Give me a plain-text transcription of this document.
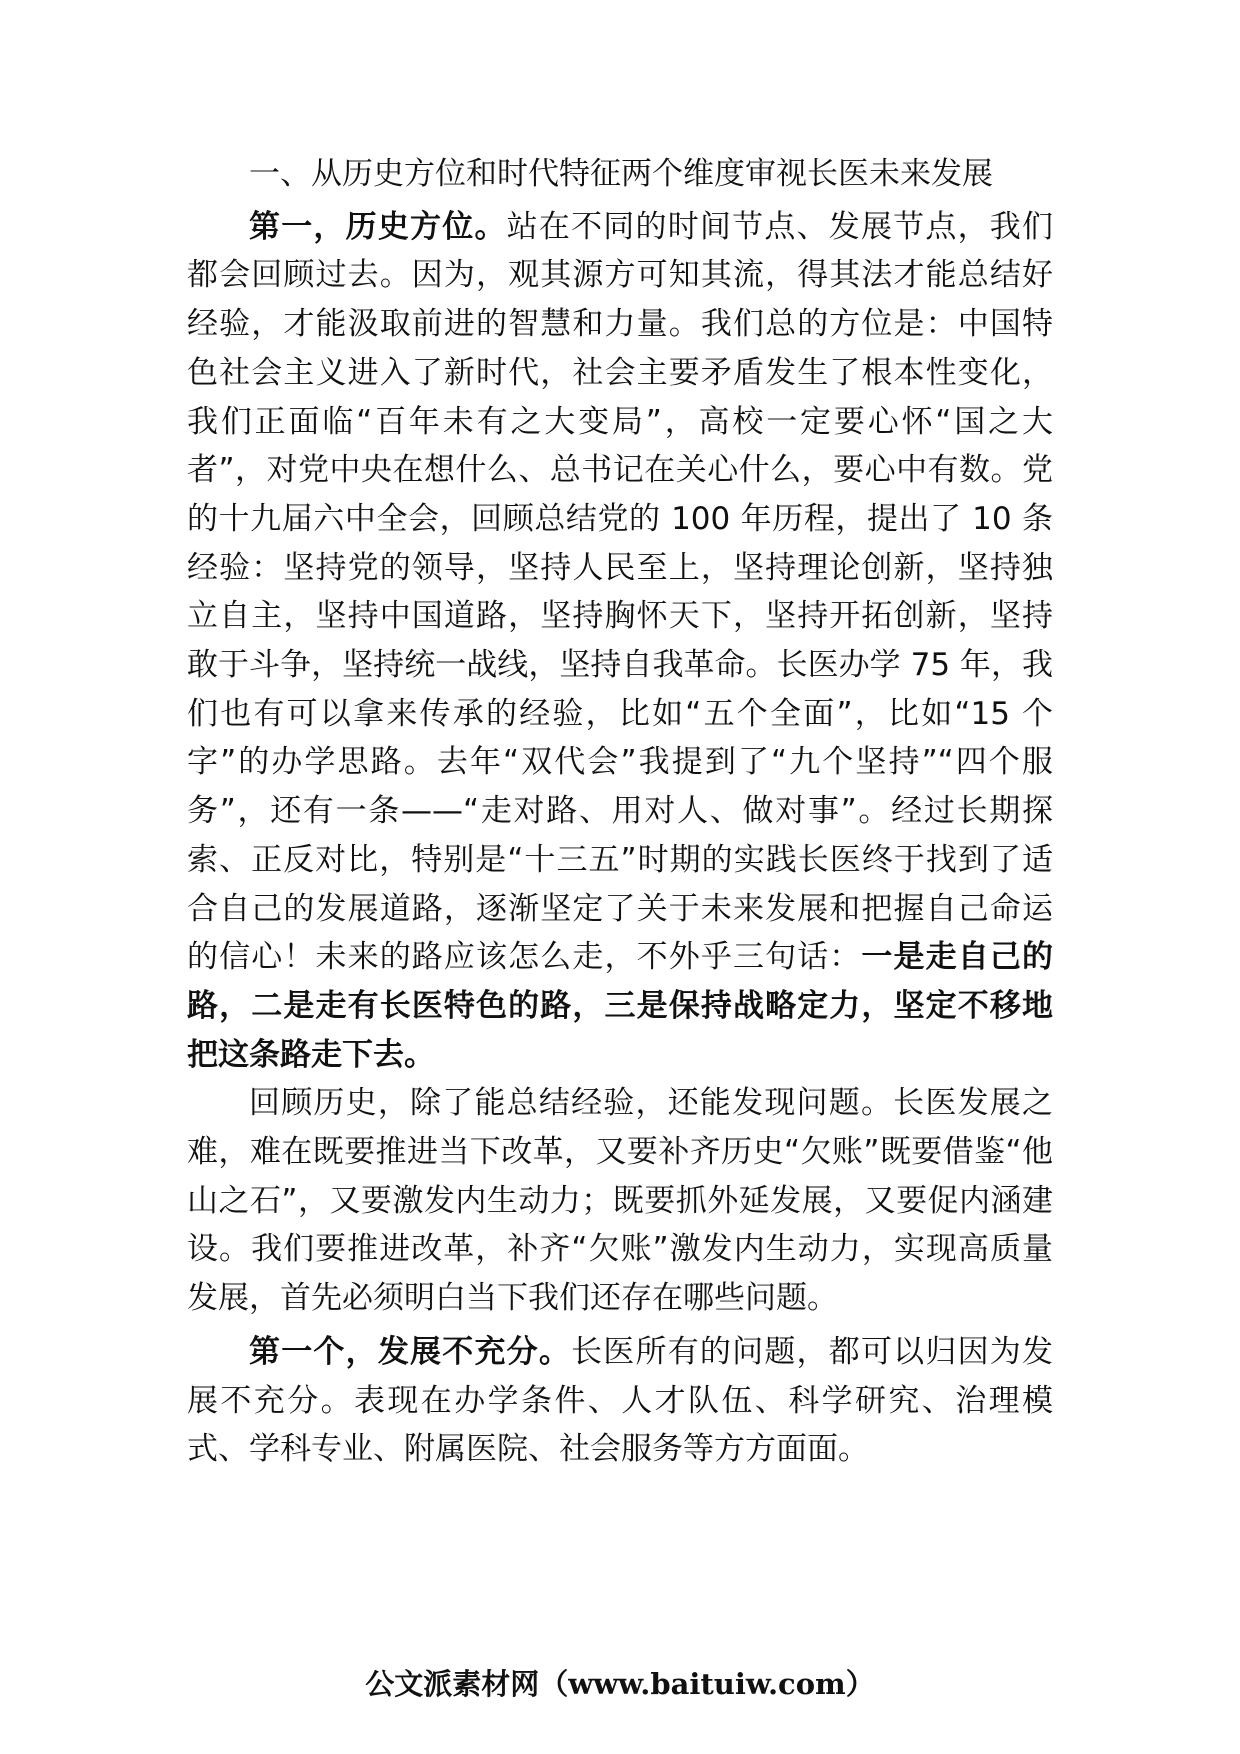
一、从历史方位和时代特征两个维度审视长医未来发展

第一，历史方位。站在不同的时间节点、发展节点，我们都会回顾过去。因为，观其源方可知其流，得其法才能总结好经验，才能汲取前进的智慧和力量。我们总的方位是：中国特色社会主义进入了新时代，社会主要矛盾发生了根本性变化，我们正面临“百年未有之大变局”，高校一定要心怀“国之大者”，对党中央在想什么、总书记在关心什么，要心中有数。党的十九届六中全会，回顾总结党的 100 年历程，提出了 10 条经验：坚持党的领导，坚持人民至上，坚持理论创新，坚持独立自主，坚持中国道路，坚持胸怀天下，坚持开拓创新，坚持敢于斗争，坚持统一战线，坚持自我革命。长医办学 75 年，我们也有可以拿来传承的经验，比如“五个全面”，比如“15 个字”的办学思路。去年“双代会”我提到了“九个坚持”“四个服务”，还有一条——“走对路、用对人、做对事”。经过长期探索、正反对比，特别是“十三五”时期的实践长医终于找到了适合自己的发展道路，逐渐坚定了关于未来发展和把握自己命运的信心！未来的路应该怎么走，不外乎三句话：一是走自己的路，二是走有长医特色的路，三是保持战略定力，坚定不移地把这条路走下去。

回顾历史，除了能总结经验，还能发现问题。长医发展之难，难在既要推进当下改革，又要补齐历史“欠账”既要借鉴“他山之石”，又要激发内生动力；既要抓外延发展，又要促内涵建设。我们要推进改革，补齐“欠账”激发内生动力，实现高质量发展，首先必须明白当下我们还存在哪些问题。

第一个，发展不充分。长医所有的问题，都可以归因为发展不充分。表现在办学条件、人才队伍、科学研究、治理模式、学科专业、附属医院、社会服务等方方面面。

公文派素材网（www.baituiw.com）
